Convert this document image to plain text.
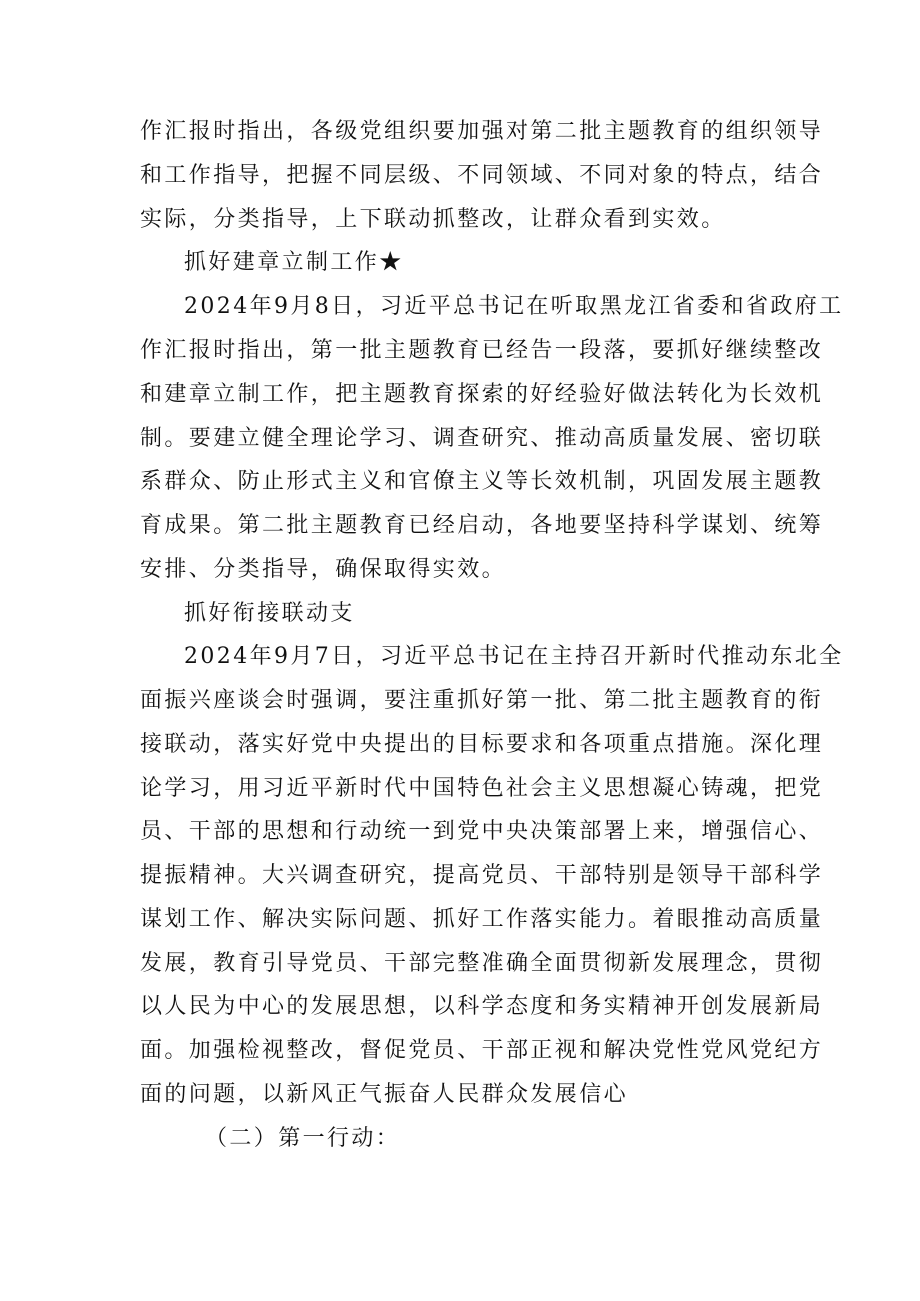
作汇报时指出，各级党组织要加强对第二批主题教育的组织领导
和工作指导，把握不同层级、不同领域、不同对象的特点，结合
实际，分类指导，上下联动抓整改，让群众看到实效。
抓好建章立制工作★
2024年9月8日，习近平总书记在听取黑龙江省委和省政府工
作汇报时指出，第一批主题教育已经告一段落，要抓好继续整改
和建章立制工作，把主题教育探索的好经验好做法转化为长效机
制。要建立健全理论学习、调查研究、推动高质量发展、密切联
系群众、防止形式主义和官僚主义等长效机制，巩固发展主题教
育成果。第二批主题教育已经启动，各地要坚持科学谋划、统筹
安排、分类指导，确保取得实效。
抓好衔接联动支
2024年9月7日，习近平总书记在主持召开新时代推动东北全
面振兴座谈会时强调，要注重抓好第一批、第二批主题教育的衔
接联动，落实好党中央提出的目标要求和各项重点措施。深化理
论学习，用习近平新时代中国特色社会主义思想凝心铸魂，把党
员、干部的思想和行动统一到党中央决策部署上来，增强信心、
提振精神。大兴调查研究，提高党员、干部特别是领导干部科学
谋划工作、解决实际问题、抓好工作落实能力。着眼推动高质量
发展，教育引导党员、干部完整准确全面贯彻新发展理念，贯彻
以人民为中心的发展思想，以科学态度和务实精神开创发展新局
面。加强检视整改，督促党员、干部正视和解决党性党风党纪方
面的问题，以新风正气振奋人民群众发展信心
（二）第一行动：
